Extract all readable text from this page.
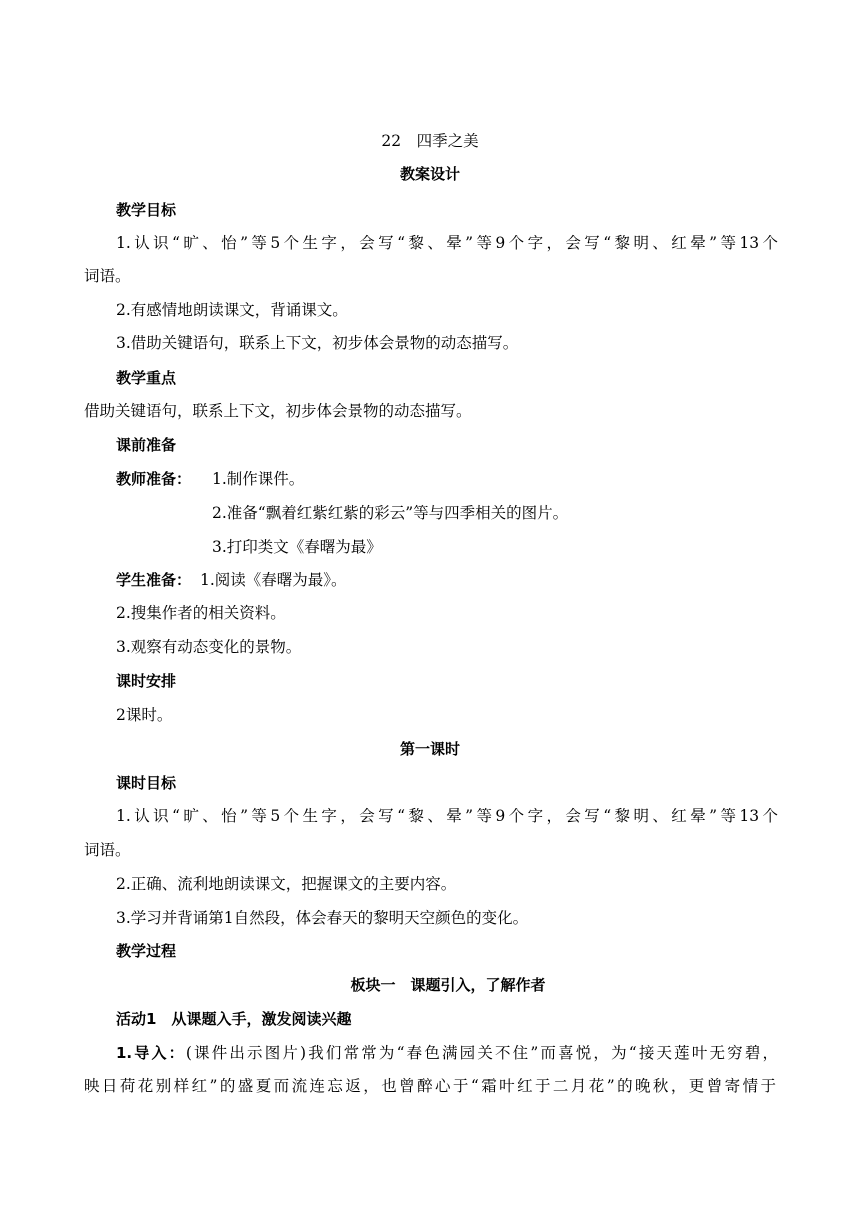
22　四季之美
教案设计
教学目标
1.认识“旷、怡”等5个生字，会写“黎、晕”等9个字，会写“黎明、红晕”等13个
词语。
2.有感情地朗读课文，背诵课文。
3.借助关键语句，联系上下文，初步体会景物的动态描写。
教学重点
借助关键语句，联系上下文，初步体会景物的动态描写。
课前准备
教师准备： 1.制作课件。
2.准备“飘着红紫红紫的彩云”等与四季相关的图片。
3.打印类文《春曙为最》
学生准备： 1.阅读《春曙为最》。
2.搜集作者的相关资料。
3.观察有动态变化的景物。
课时安排
2课时。
第一课时
课时目标
1.认识“旷、怡”等5个生字，会写“黎、晕”等9个字，会写“黎明、红晕”等13个
词语。
2.正确、流利地朗读课文，把握课文的主要内容。
3.学习并背诵第1自然段，体会春天的黎明天空颜色的变化。
教学过程
板块一　课题引入，了解作者
活动1　从课题入手，激发阅读兴趣
1.导入：(课件出示图片)我们常常为“春色满园关不住”而喜悦，为“接天莲叶无穷碧，
映日荷花别样红”的盛夏而流连忘返，也曾醉心于“霜叶红于二月花”的晚秋，更曾寄情于
